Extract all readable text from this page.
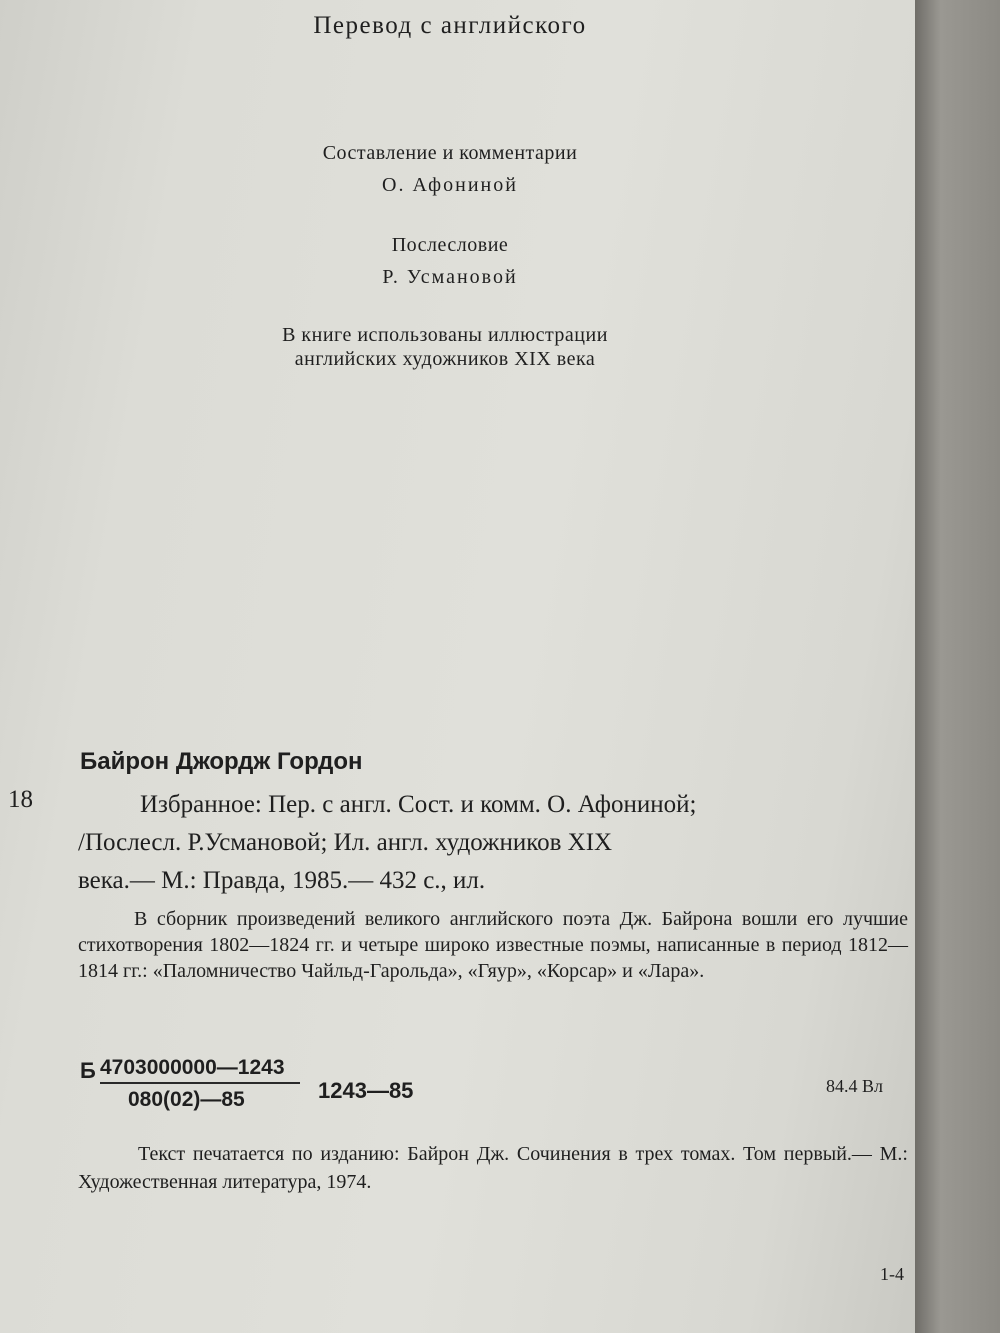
Перевод с английского
Составление и комментарии
О. Афониной
Послесловие
Р. Усмановой
В книге использованы иллюстрации
английских художников XIX века
Байрон Джордж Гордон
18	Избранное: Пер. с англ. Сост. и комм. О. Афониной;
/Послесл. Р.Усмановой; Ил. англ. художников XIX
века.— М.: Правда, 1985.— 432 с., ил.

В сборник произведений великого английского поэта Дж. Байрона вошли его лучшие стихотворения 1802—1824 гг. и четыре широко известные поэмы, написанные в период 1812—1814 гг.: «Паломничество Чайльд-Гарольда», «Гяур», «Корсар» и «Лара».

Б 4703000000—1243
080(02)—85	1243—85	84.4 Вл

Текст печатается по изданию: Байрон Дж. Сочинения в трех томах. Том первый.— М.: Художественная литература, 1974.

1-4
